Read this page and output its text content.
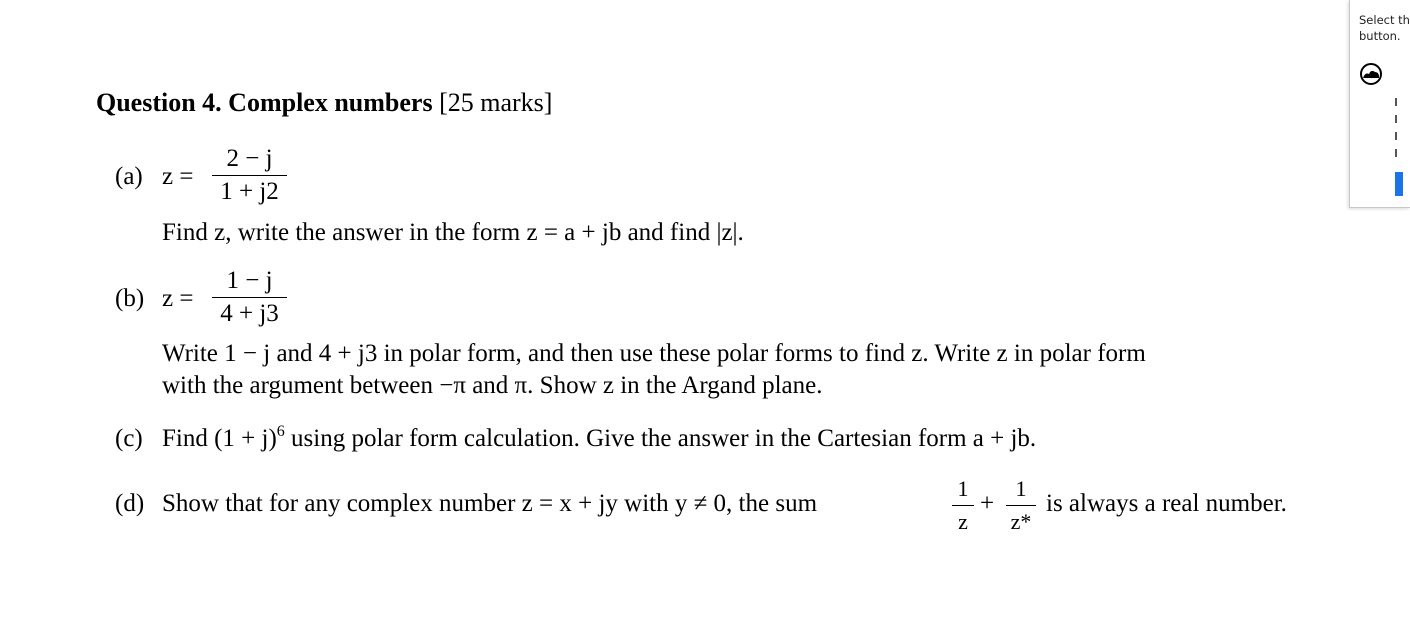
Question 4. Complex numbers [25 marks]
(a) z =
2 − j
1 + j2
Find z, write the answer in the form z = a + jb and find |z|.
(b) z =
1 − j
4 + j3
Write 1 − j and 4 + j3 in polar form, and then use these polar forms to find z. Write z in polar form
with the argument between −π and π. Show z in the Argand plane.
(c) Find $(1 + j)^6$ using polar form calculation. Give the answer in the Cartesian form a + jb.
(d) Show that for any complex number z = x + jy with y ≠ 0, the sum
1
z
+
1
z*
is always a real number.
Select th
button.
